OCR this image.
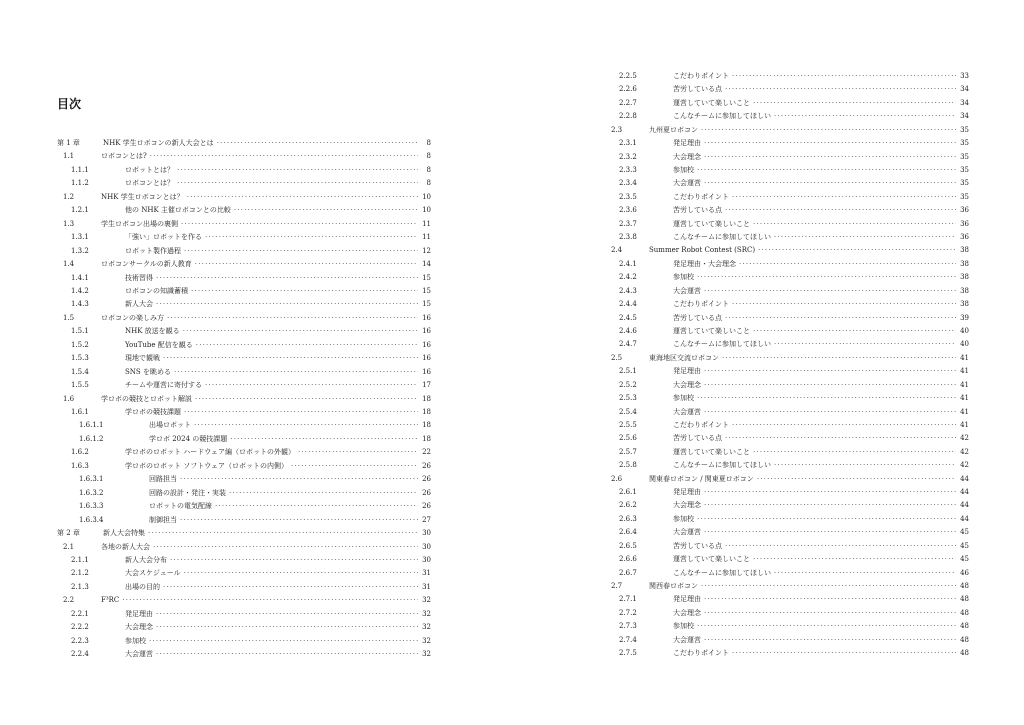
目次
第 1 章	NHK 学生ロボコンの新人大会とは ·····	8
1.1	ロボコンとは? ·····	8
1.1.1	ロボットとは？ ·····	8
1.1.2	ロボコンとは？ ·····	8
1.2	NHK 学生ロボコンとは？ ·····	10
1.2.1	他の NHK 主催ロボコンとの比較 ·····	10
1.3	学生ロボコン出場の裏側 ·····	11
1.3.1	「強い」ロボットを作る ·····	11
1.3.2	ロボット製作過程 ·····	12
1.4	ロボコンサークルの新人教育 ·····	14
1.4.1	技術習得 ·····	15
1.4.2	ロボコンの知識蓄積 ·····	15
1.4.3	新人大会 ·····	15
1.5	ロボコンの楽しみ方 ·····	16
1.5.1	NHK 放送を観る ·····	16
1.5.2	YouTube 配信を観る ·····	16
1.5.3	現地で観戦 ·····	16
1.5.4	SNS を眺める ·····	16
1.5.5	チームや運営に寄付する ·····	17
1.6	学ロボの競技とロボット解説 ·····	18
1.6.1	学ロボの競技課題 ·····	18
1.6.1.1	出場ロボット ·····	18
1.6.1.2	学ロボ 2024 の競技課題 ·····	18
1.6.2	学ロボのロボット ハードウェア編（ロボットの外観） ·····	22
1.6.3	学ロボのロボット ソフトウェア（ロボットの内側） ·····	26
1.6.3.1	回路担当 ·····	26
1.6.3.2	回路の設計・発注・実装 ·····	26
1.6.3.3	ロボットの電気配線 ·····	26
1.6.3.4	制御担当 ·····	27
第 2 章	新人大会特集 ·····	30
2.1	各地の新人大会 ·····	30
2.1.1	新人大会分布 ·····	30
2.1.2	大会スケジュール ·····	31
2.1.3	出場の目的 ·····	31
2.2	F³RC ·····	32
2.2.1	発足理由 ·····	32
2.2.2	大会理念 ·····	32
2.2.3	参加校 ·····	32
2.2.4	大会運営 ·····	32
2.2.5	こだわりポイント ·····	33
2.2.6	苦労している点 ·····	34
2.2.7	運営していて楽しいこと ·····	34
2.2.8	こんなチームに参加してほしい ·····	34
2.3	九州夏ロボコン ·····	35
2.3.1	発足理由 ·····	35
2.3.2	大会理念 ·····	35
2.3.3	参加校 ·····	35
2.3.4	大会運営 ·····	35
2.3.5	こだわりポイント ·····	35
2.3.6	苦労している点 ·····	36
2.3.7	運営していて楽しいこと ·····	36
2.3.8	こんなチームに参加してほしい ·····	36
2.4	Summer Robot Contest (SRC) ·····	38
2.4.1	発足理由・大会理念 ·····	38
2.4.2	参加校 ·····	38
2.4.3	大会運営 ·····	38
2.4.4	こだわりポイント ·····	38
2.4.5	苦労している点 ·····	39
2.4.6	運営していて楽しいこと ·····	40
2.4.7	こんなチームに参加してほしい ·····	40
2.5	東海地区交流ロボコン ·····	41
2.5.1	発足理由 ·····	41
2.5.2	大会理念 ·····	41
2.5.3	参加校 ·····	41
2.5.4	大会運営 ·····	41
2.5.5	こだわりポイント ·····	41
2.5.6	苦労している点 ·····	42
2.5.7	運営していて楽しいこと ·····	42
2.5.8	こんなチームに参加してほしい ·····	42
2.6	関東春ロボコン / 関東夏ロボコン ·····	44
2.6.1	発足理由 ·····	44
2.6.2	大会理念 ·····	44
2.6.3	参加校 ·····	44
2.6.4	大会運営 ·····	45
2.6.5	苦労している点 ·····	45
2.6.6	運営していて楽しいこと ·····	45
2.6.7	こんなチームに参加してほしい ·····	46
2.7	関西春ロボコン ·····	48
2.7.1	発足理由 ·····	48
2.7.2	大会理念 ·····	48
2.7.3	参加校 ·····	48
2.7.4	大会運営 ·····	48
2.7.5	こだわりポイント ·····	48
